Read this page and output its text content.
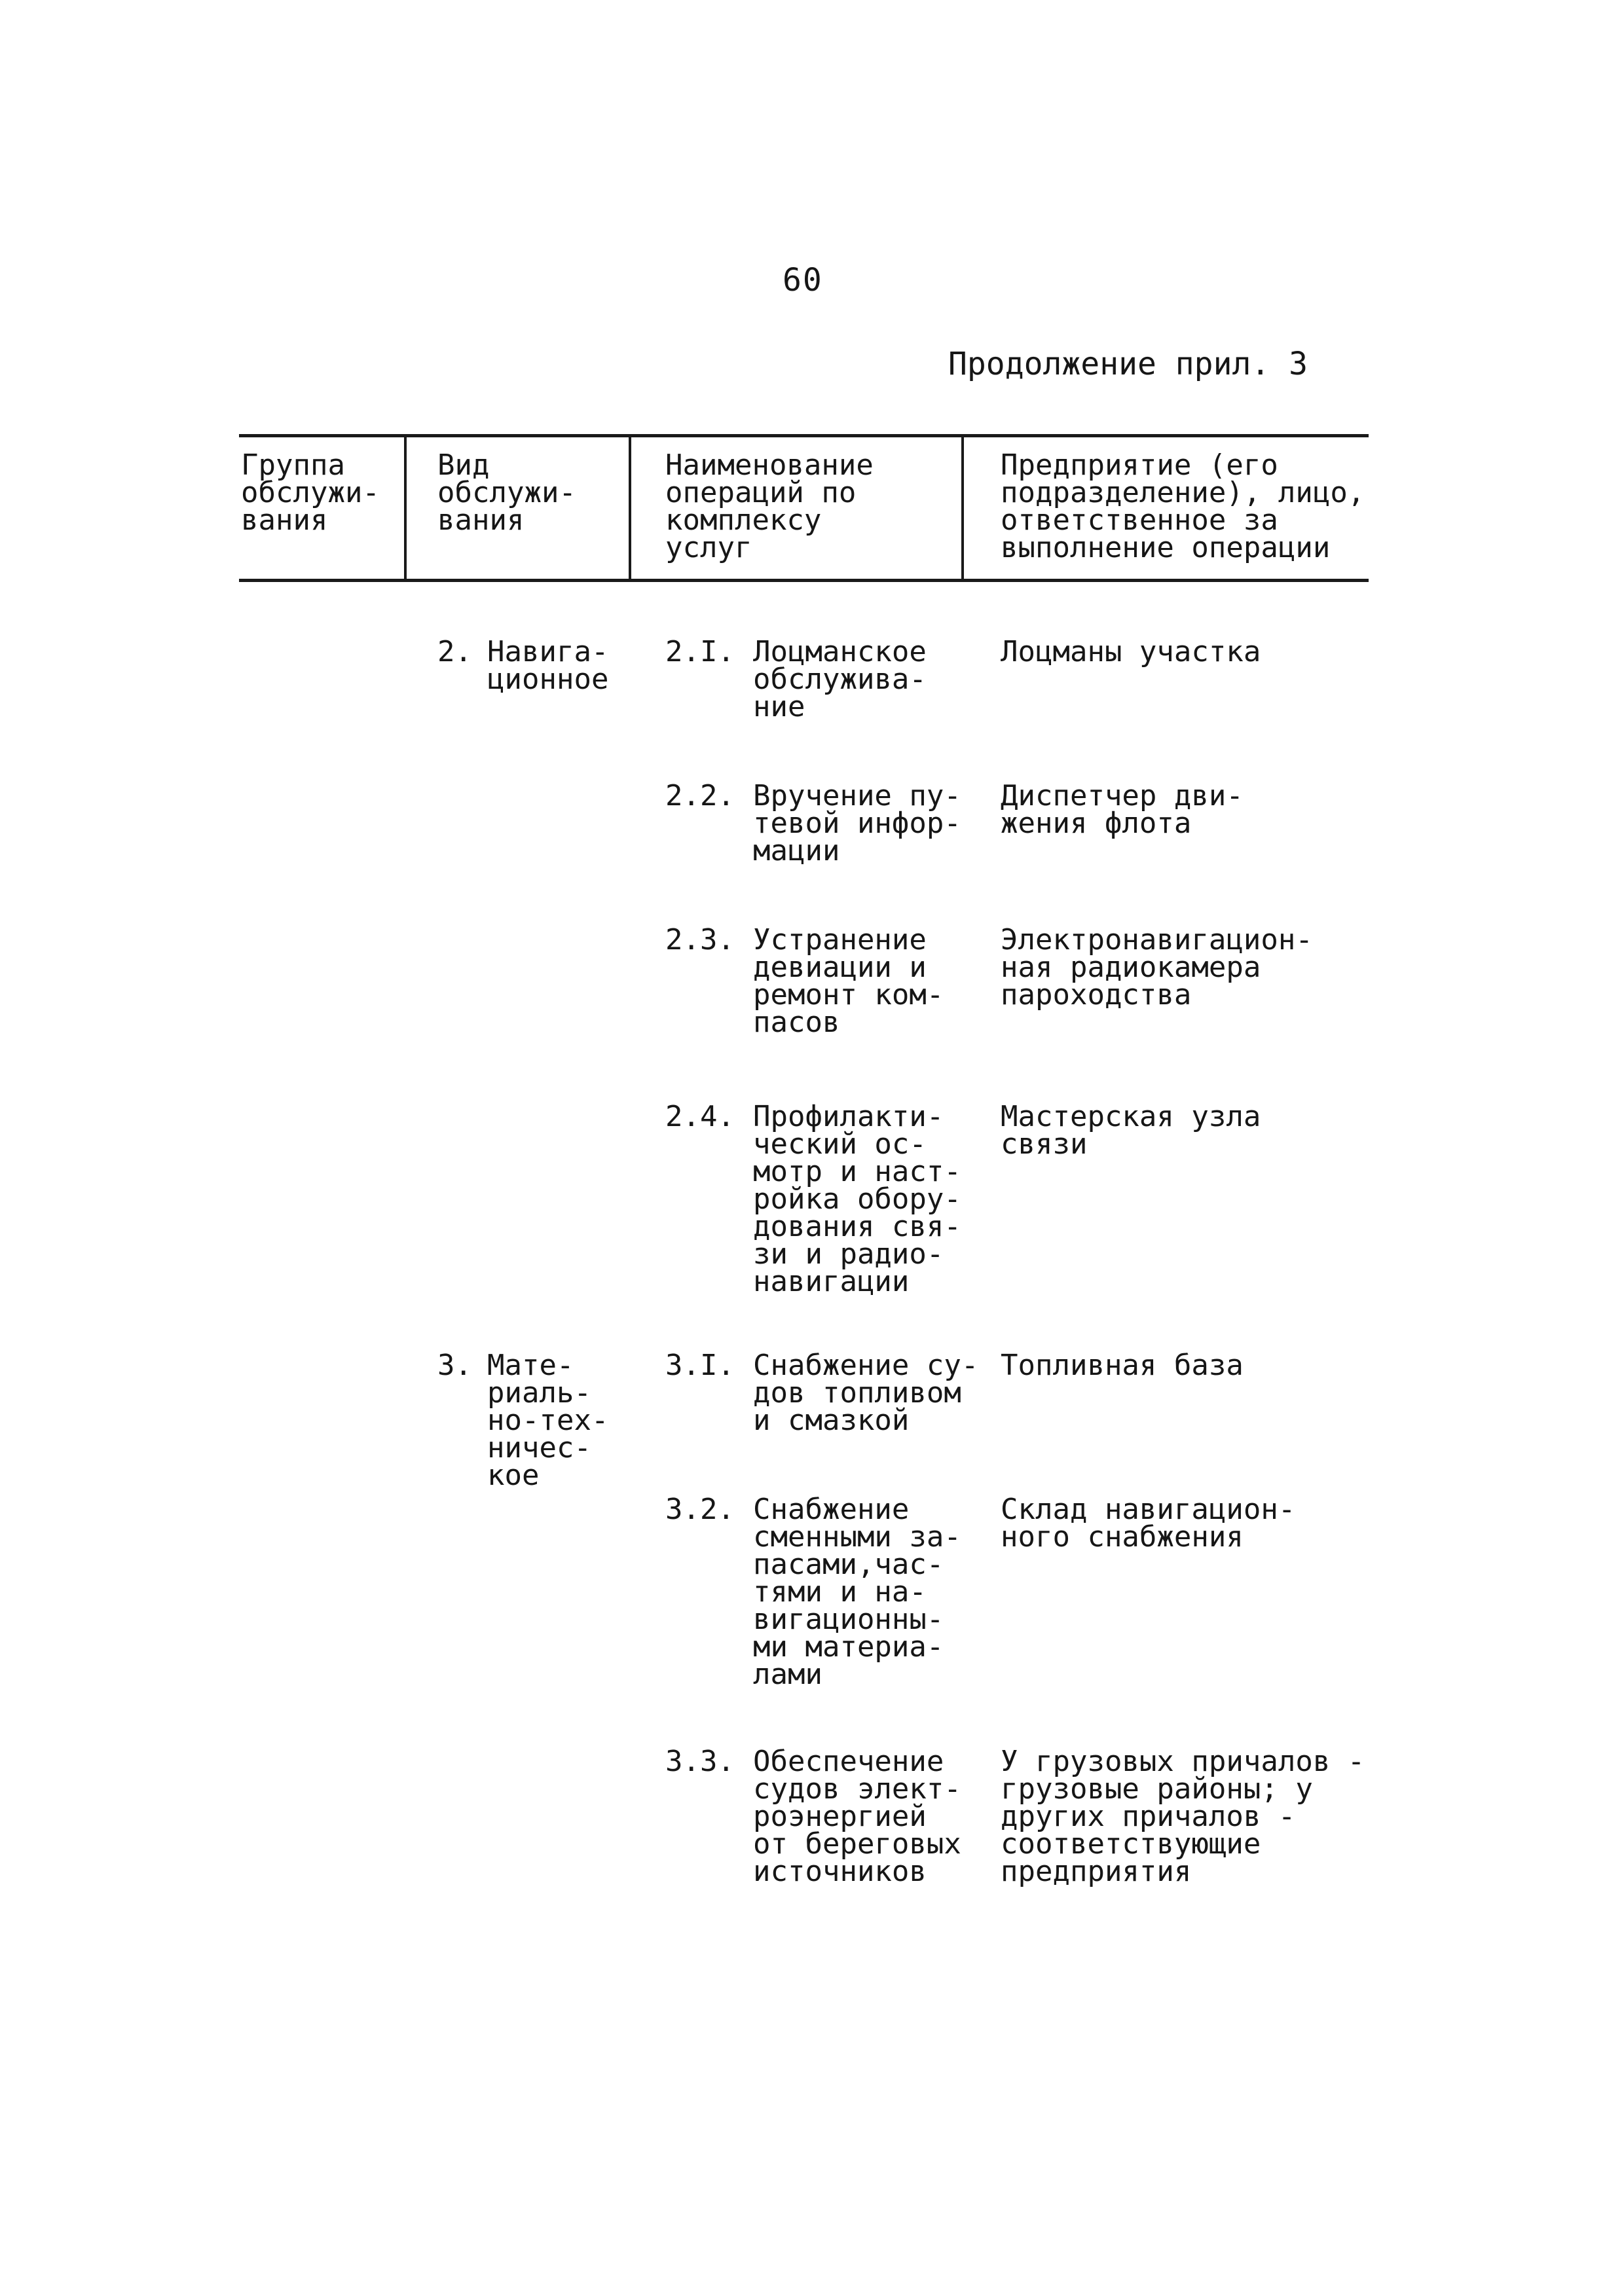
60
Продолжение прил. 3
Группа
обслужи-
вания
Вид
обслужи-
вания
Наименование
операций по
комплексу
услуг
Предприятие (его
подразделение), лицо,
ответственное за
выполнение операции
2. Навига-
ционное
2.I. Лоцманское
обслужива-
ние
Лоцманы участка
2.2. Вручение пу-
тевой инфор-
мации
Диспетчер дви-
жения флота
2.3. Устранение
девиации и
ремонт ком-
пасов
Электронавигацион-
ная радиокамера
пароходства
2.4. Профилакти-
ческий ос-
мотр и наст-
ройка обору-
дования свя-
зи и радио-
навигации
Мастерская узла
связи
3. Мате-
риаль-
но-тех-
ничес-
кое
3.I. Снабжение су-
дов топливом
и смазкой
Топливная база
3.2. Снабжение
сменными за-
пасами,час-
тями и на-
вигационны-
ми материа-
лами
Склад навигацион-
ного снабжения
3.3. Обеспечение
судов элект-
роэнергией
от береговых
источников
У грузовых причалов -
грузовые районы; у
других причалов -
соответствующие
предприятия
